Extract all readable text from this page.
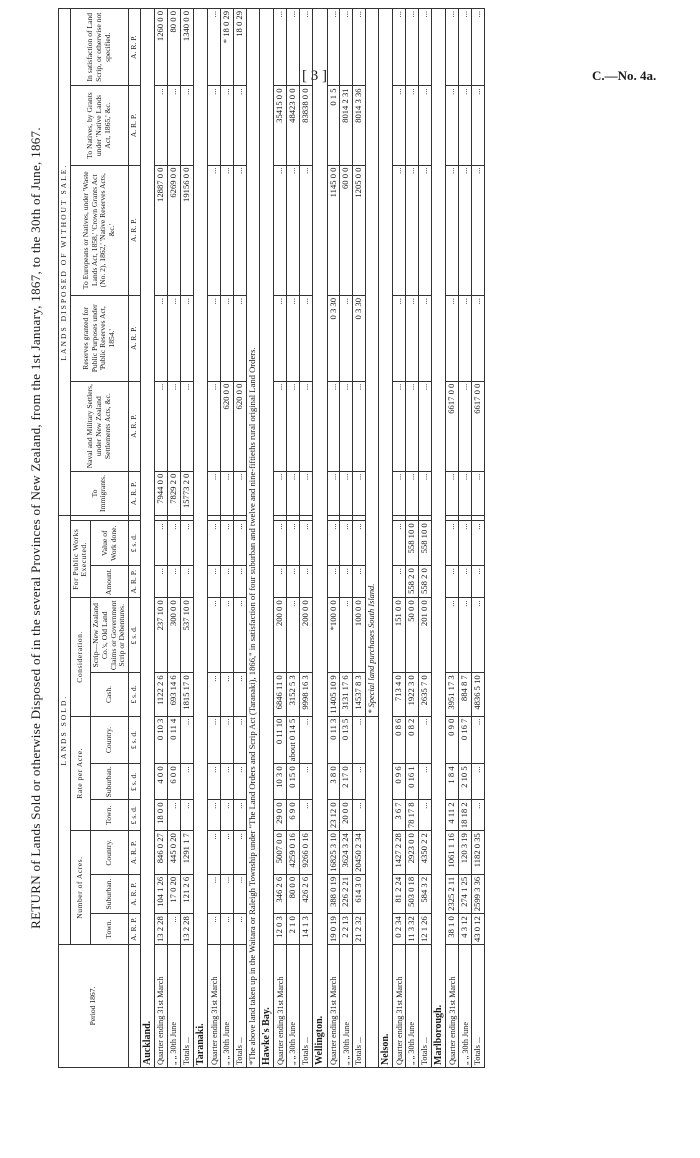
[ 3 ]	C.—No. 4a.
RETURN of Lands Sold or otherwise Disposed of in the several Provinces of New Zealand, from the 1st January, 1867, to the 30th of June, 1867.
Period 1867.	LANDS SOLD.											LANDS DISPOSED OF WITHOUT SALE.					
	Number of Acres.			Rate per Acre.			Consideration.		For Public Works Executed.			To Immigrants.	Naval and Military Settlers, under New Zealand Settlements Acts, &c.	Reserves granted for Public Purposes under 'Public Reserves Act, 1854.'	To Europeans or Natives, under 'Waste Lands Act, 1858,' 'Crown Grants Act (No. 2), 1862,' 'Native Reserves Acts, &c.'	To Natives, by Grants under 'Native Lands Act, 1865,' &c.	In satisfaction of Land Scrip, or otherwise not specified.
	Town.	Suburban.	Country.	Town.	Suburban.	Country.	Cash.	Scrip—New Zealand Co.'s, Old Land Claims or Government Scrip or Debentures.	Amount.	Value of Work done.							
	A. R. P.	A. R. P.	A. R. P.	£ s. d.	£ s. d.	£ s. d.	£ s. d.	£ s. d.	A. R. P.	£ s. d.		A. R. P.	A. R. P.	A. R. P.	A. R. P.	A. R. P.	A. R. P.
Auckland.																	
Quarter ending 31st March	13 2 28	104 1 26	846 0 27	18 0 0	4 0 0	0 10 3	1122 2 6	237 10 0	...	...		7944 0 0	...	...	12887 0 0	...	1260 0 0
„ „ 30th June	...	17 0 20	445 0 20	...	6 0 0	0 11 4	693 14 6	300 0 0	...	...		7829 2 0	...	...	6269 0 0	...	80 0 0
Totals ...	13 2 28	121 2 6	1291 1 7	...	...	...	1815 17 0	537 10 0	...	...		15773 2 0	...	...	19156 0 0	...	1340 0 0
Taranaki.																	
Quarter ending 31st March	...	...	...	...	...	...	...	...	...	...		...	...	...	...	...	...
„ „ 30th June	...	...	...	...	...	...	...	...	...	...		...	620 0 0	...	...	...	* 18 0 29
Totals ...	...	...	...	...	...	...	...	...	...	...		...	620 0 0	...	...	...	18 0 29
*The above land taken up in the Waitara or Raleigh Township under "The Land Orders and Scrip Act (Taranaki), 1866," in satisfaction of four suburban and twelve and nine-fiftieths rural original Land Orders.																	
Hawke's Bay.																	
Quarter ending 31st March	12 0 3	346 2 6	5007 0 0	29 0 0	10 3 0	0 11 10	6846 11 0	200 0 0	...	...		...	...	...	...	35415 0 0	...
„ „ 30th June	2 1 0	80 0 0	4259 0 16	6 9 0	0 15 0	about 0 14 5	3152 5 3	...	...	...		...	...	...	...	48423 0 0	...
Totals ...	14 1 3	426 2 6	9266 0 16	...	...	...	9998 16 3	200 0 0	...	...		...	...	...	...	83838 0 0	...
Wellington.																	
Quarter ending 31st March	19 0 19	388 0 19	16825 3 10	23 12 0	3 8 0	0 11 3	11405 10 9	*100 0 0	...	...		...	...	0 3 30	1145 0 0	0 1 5	...
„ „ 30th June	2 2 13	226 2 21	3624 3 24	20 0 0	2 17 0	0 13 5	3131 17 6	...	...	...		...	...	...	60 0 0	8014 2 31	...
Totals ...	21 2 32	614 3 0	20450 2 34	...	...	...	14537 8 3	100 0 0	...	...		...	...	0 3 30	1205 0 0	8014 3 36	...
							* Special land purchases South Island.										
Nelson.																	
Quarter ending 31st March	0 2 34	81 2 24	1427 2 28	3 6 7	0 9 6	0 8 6	713 4 0	151 0 0	...	...		...	...	...	...	...	...
„ „ 30th June	11 3 32	503 0 18	2923 0 0	78 17 8	0 16 1	0 8 2	1922 3 0	50 0 0	558 2 0	558 10 0		...	...	...	...	...	...
Totals ...	12 1 26	584 3 2	4350 2 2	...	...	...	2635 7 0	201 0 0	558 2 0	558 10 0		...	...	...	...	...	...
Marlborough.																	
Quarter ending 31st March	38 1 0	2325 2 11	1061 1 16	4 11 2	1 8 4	0 9 0	3951 17 3	...	...	...		...	6617 0 0	...	...	...	...
„ „ 30th June	4 3 12	274 1 25	120 3 19	18 18 2	2 10 5	0 16 7	884 8 7	...	...	...		...	...	...	...	...	...
Totals ...	43 0 12	2599 3 36	1182 0 35	...	...	...	4836 5 10	...	...	...		...	6617 0 0	...	...	...	...
